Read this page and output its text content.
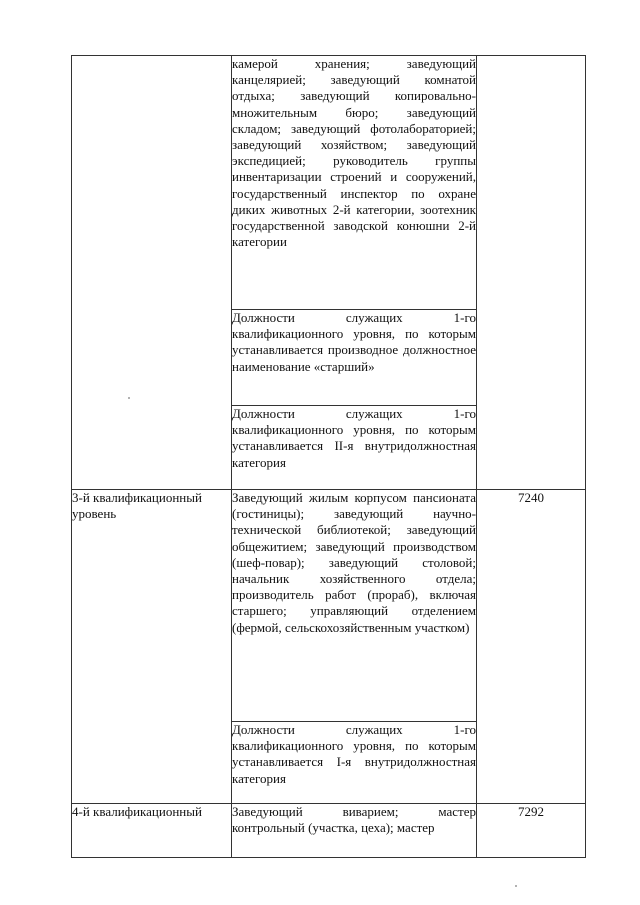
	камерой хранения; заведующий канцелярией; заведующий комнатой отдыха; заведующий копировально-множительным бюро; заведующий складом; заведующий фотолабораторией; заведующий хозяйством; заведующий экспедицией; руководитель группы инвентаризации строений и сооружений, государственный инспектор по охране диких животных 2-й категории, зоотехник государственной заводской конюшни 2-й категории	
	Должности служащих 1-го квалификационного уровня, по которым устанавливается производное должностное наименование «старший»	
	Должности служащих 1-го квалификационного уровня, по которым устанавливается II-я внутридолжностная категория	
3-й квалификационный уровень	Заведующий жилым корпусом пансионата (гостиницы); заведующий научно-технической библиотекой; заведующий общежитием; заведующий производством (шеф-повар); заведующий столовой; начальник хозяйственного отдела; производитель работ (прораб), включая старшего; управляющий отделением (фермой, сельскохозяйственным участком)	7240
	Должности служащих 1-го квалификационного уровня, по которым устанавливается I-я внутридолжностная категория	
4-й квалификационный	Заведующий виварием; мастер контрольный (участка, цеха); мастер	7292
